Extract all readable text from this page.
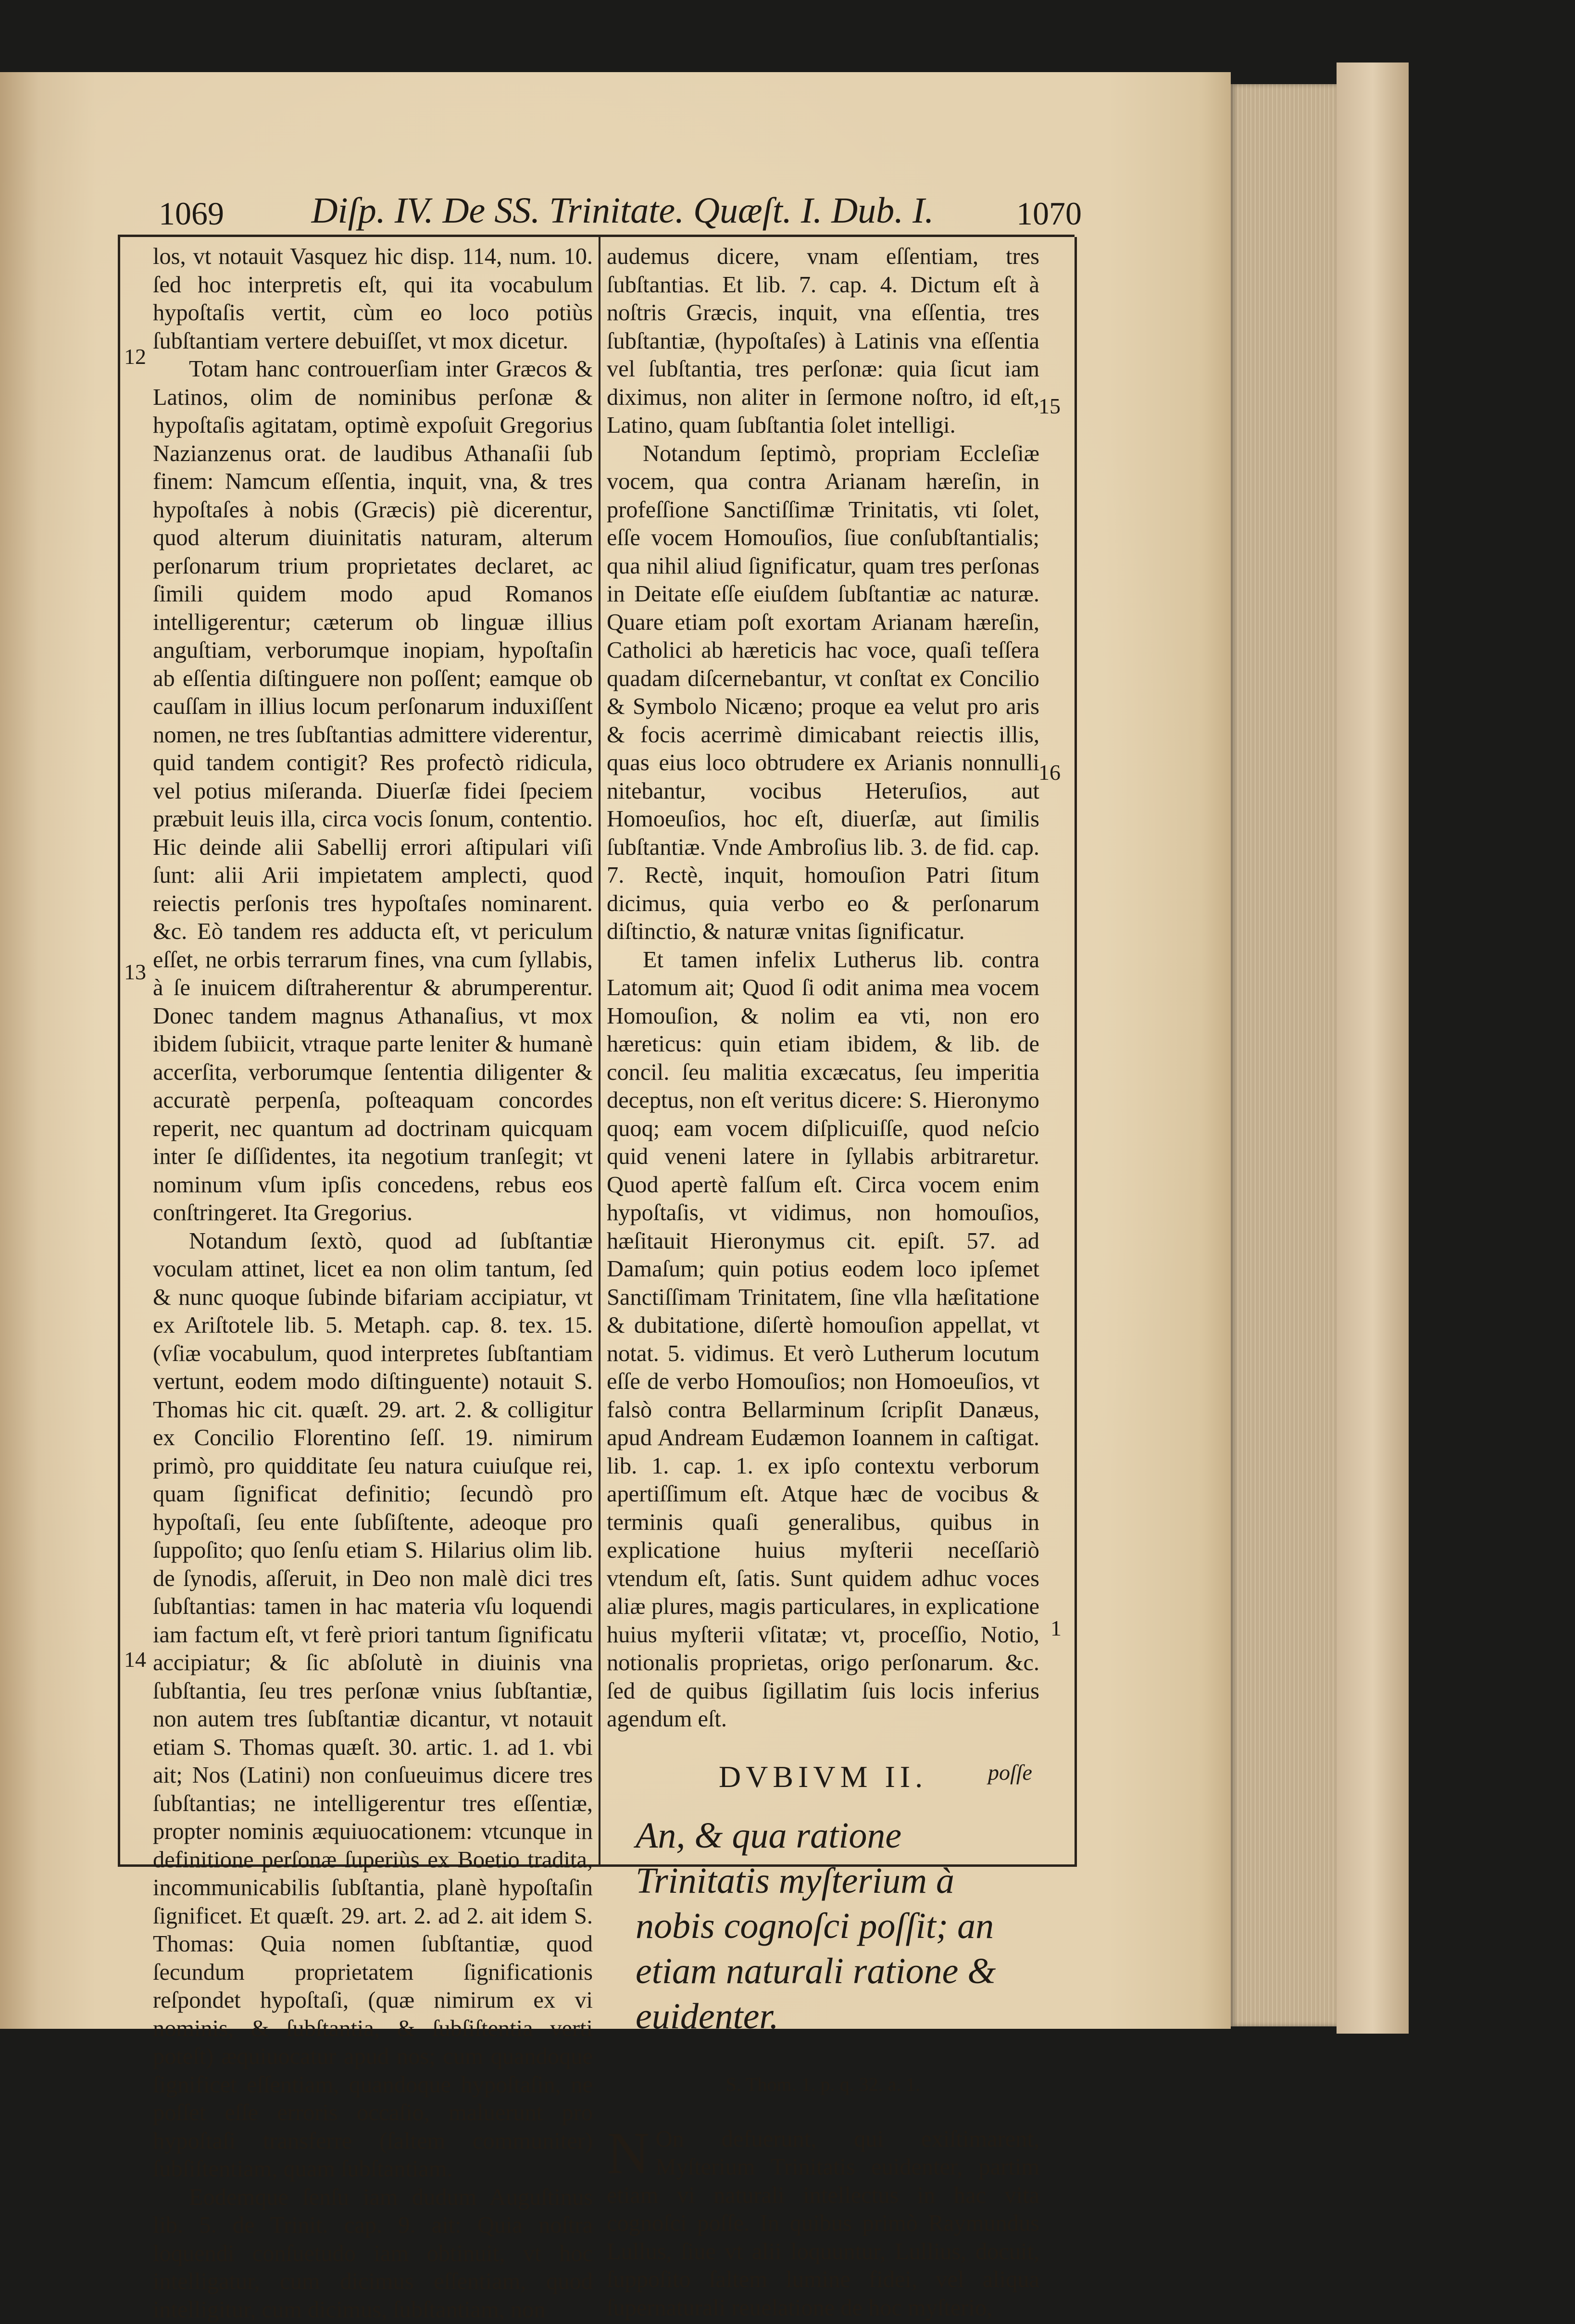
1069 Diſp. IV. De SS. Trinitate. Quæſt. I. Dub. I.	1070
12
13
14
15
16
1

los, vt notauit Vasquez hic disp. 114, num. 10. ſed hoc interpretis eſt, qui ita vocabulum hypoſtaſis vertit, cùm eo loco potiùs ſubſtantiam vertere debuiſſet, vt mox dicetur.

Totam hanc controuerſiam inter Græcos & Latinos, olim de nominibus perſonæ & hypoſtaſis agitatam, optimè expoſuit Gregorius Nazianzenus orat. de laudibus Athanaſii ſub finem: Namcum eſſentia, inquit, vna, & tres hypoſtaſes à nobis (Græcis) piè dicerentur, quod alterum diuinitatis naturam, alterum perſonarum trium proprietates declaret, ac ſimili quidem modo apud Romanos intelligerentur; cæterum ob linguæ illius anguſtiam, verborumque inopiam, hypoſtaſin ab eſſentia diſtinguere non poſſent; eamque ob cauſſam in illius locum perſonarum induxiſſent nomen, ne tres ſubſtantias admittere viderentur, quid tandem contigit? Res profectò ridicula, vel potius miſeranda. Diuerſæ fidei ſpeciem præbuit leuis illa, circa vocis ſonum, contentio. Hic deinde alii Sabellij errori aſtipulari viſi ſunt: alii Arii impietatem amplecti, quod reiectis perſonis tres hypoſtaſes nominarent. &c. Eò tandem res adducta eſt, vt periculum eſſet, ne orbis terrarum fines, vna cum ſyllabis, à ſe inuicem diſtraherentur & abrumperentur. Donec tandem magnus Athanaſius, vt mox ibidem ſubiicit, vtraque parte leniter & humanè accerſita, verborumque ſententia diligenter & accuratè perpenſa, poſteaquam concordes reperit, nec quantum ad doctrinam quicquam inter ſe diſſidentes, ita negotium tranſegit; vt nominum vſum ipſis concedens, rebus eos conſtringeret. Ita Gregorius.

Notandum ſextò, quod ad ſubſtantiæ voculam attinet, licet ea non olim tantum, ſed & nunc quoque ſubinde bifariam accipiatur, vt ex Ariſtotele lib. 5. Metaph. cap. 8. tex. 15. (vſiæ vocabulum, quod interpretes ſubſtantiam vertunt, eodem modo diſtinguente) notauit S. Thomas hic cit. quæſt. 29. art. 2. & colligitur ex Concilio Florentino ſeſſ. 19. nimirum primò, pro quidditate ſeu natura cuiuſque rei, quam ſignificat definitio; ſecundò pro hypoſtaſi, ſeu ente ſubſiſtente, adeoque pro ſuppoſito; quo ſenſu etiam S. Hilarius olim lib. de ſynodis, aſſeruit, in Deo non malè dici tres ſubſtantias: tamen in hac materia vſu loquendi iam factum eſt, vt ferè priori tantum ſignificatu accipiatur; & ſic abſolutè in diuinis vna ſubſtantia, ſeu tres perſonæ vnius ſubſtantiæ, non autem tres ſubſtantiæ dicantur, vt notauit etiam S. Thomas quæſt. 30. artic. 1. ad 1. vbi ait; Nos (Latini) non conſueuimus dicere tres ſubſtantias; ne intelligerentur tres eſſentiæ, propter nominis æquiuocationem: vtcunque in definitione perſonæ ſuperiùs ex Boetio tradita, incommunicabilis ſubſtantia, planè hypoſtaſin ſignificet. Et quæſt. 29. art. 2. ad 2. ait idem S. Thomas: Quia nomen ſubſtantiæ, quod ſecundum proprietatem ſignificationis reſpondet hypoſtaſi, (quæ nimirum ex vi nominis, & ſubſtantia, & ſubſiſtentia verti poteſt) æquiuocatur apud nos; cum quandoque ſignificet eſſentiam, quandoque hypoſtaſin, ne poſſet eſſe erroris occaſio, maluerunt pro hypoſtaſi transferre (ſaltem communiter) ſubſiſtentiam, quam ſubſtantiam.

Eodemque ſenſu iam dudum Auguſtinus lib. 5. de Trinit. cap. 9. ait: Quia noſtra loquendi conſuetudo iam obtinuit, vt hoc intelligatur, cum dicimus eſſentiam, quod intelligitur, cum dicimus, ſubſtantiam, non

audemus dicere, vnam eſſentiam, tres ſubſtantias. Et lib. 7. cap. 4. Dictum eſt à noſtris Græcis, inquit, vna eſſentia, tres ſubſtantiæ, (hypoſtaſes) à Latinis vna eſſentia vel ſubſtantia, tres perſonæ: quia ſicut iam diximus, non aliter in ſermone noſtro, id eſt, Latino, quam ſubſtantia ſolet intelligi.

Notandum ſeptimò, propriam Eccleſiæ vocem, qua contra Arianam hæreſin, in profeſſione Sanctiſſimæ Trinitatis, vti ſolet, eſſe vocem Homouſios, ſiue conſubſtantialis; qua nihil aliud ſignificatur, quam tres perſonas in Deitate eſſe eiuſdem ſubſtantiæ ac naturæ. Quare etiam poſt exortam Arianam hæreſin, Catholici ab hæreticis hac voce, quaſi teſſera quadam diſcernebantur, vt conſtat ex Concilio & Symbolo Nicæno; proque ea velut pro aris & focis acerrimè dimicabant reiectis illis, quas eius loco obtrudere ex Arianis nonnulli nitebantur, vocibus Heteruſios, aut Homoeuſios, hoc eſt, diuerſæ, aut ſimilis ſubſtantiæ. Vnde Ambroſius lib. 3. de fid. cap. 7. Rectè, inquit, homouſion Patri ſitum dicimus, quia verbo eo & perſonarum diſtinctio, & naturæ vnitas ſignificatur.

Et tamen infelix Lutherus lib. contra Latomum ait; Quod ſi odit anima mea vocem Homouſion, & nolim ea vti, non ero hæreticus: quin etiam ibidem, & lib. de concil. ſeu malitia excæcatus, ſeu imperitia deceptus, non eſt veritus dicere: S. Hieronymo quoq; eam vocem diſplicuiſſe, quod neſcio quid veneni latere in ſyllabis arbitraretur. Quod apertè falſum eſt. Circa vocem enim hypoſtaſis, vt vidimus, non homouſios, hæſitauit Hieronymus cit. epiſt. 57. ad Damaſum; quin potius eodem loco ipſemet Sanctiſſimam Trinitatem, ſine vlla hæſitatione & dubitatione, diſertè homouſion appellat, vt notat. 5. vidimus. Et verò Lutherum locutum eſſe de verbo Homouſios; non Homoeuſios, vt falsò contra Bellarminum ſcripſit Danæus, apud Andream Eudæmon Ioannem in caſtigat. lib. 1. cap. 1. ex ipſo contextu verborum apertiſſimum eſt. Atque hæc de vocibus & terminis quaſi generalibus, quibus in explicatione huius myſterii neceſſariò vtendum eſt, ſatis. Sunt quidem adhuc voces aliæ plures, magis particulares, in explicatione huius myſterii vſitatæ; vt, proceſſio, Notio, notionalis proprietas, origo perſonarum. &c. ſed de quibus ſigillatim ſuis locis inferius agendum eſt.

DVBIVM II.

An, & qua ratione Trinitatis myſterium à nobis cognoſci poſſit; an etiam naturali ratione & euidenter.

S. Thom. 1. p. q. 32. a. 1.

N On defuerunt, qui exiſtimarent, Myſterium Trinitatis euidenter, partim etiam vi naturali intellectus in hac vita cognoſci poſſe. In quibus primò Raymundus Lullus, ſiue vt alii loquuntur, Lullius, docuit, ſuppoſito ſaltem lumine fidei, vel aliqua ſupernaturali reuelatione de hoc myſterio,

poſſe
